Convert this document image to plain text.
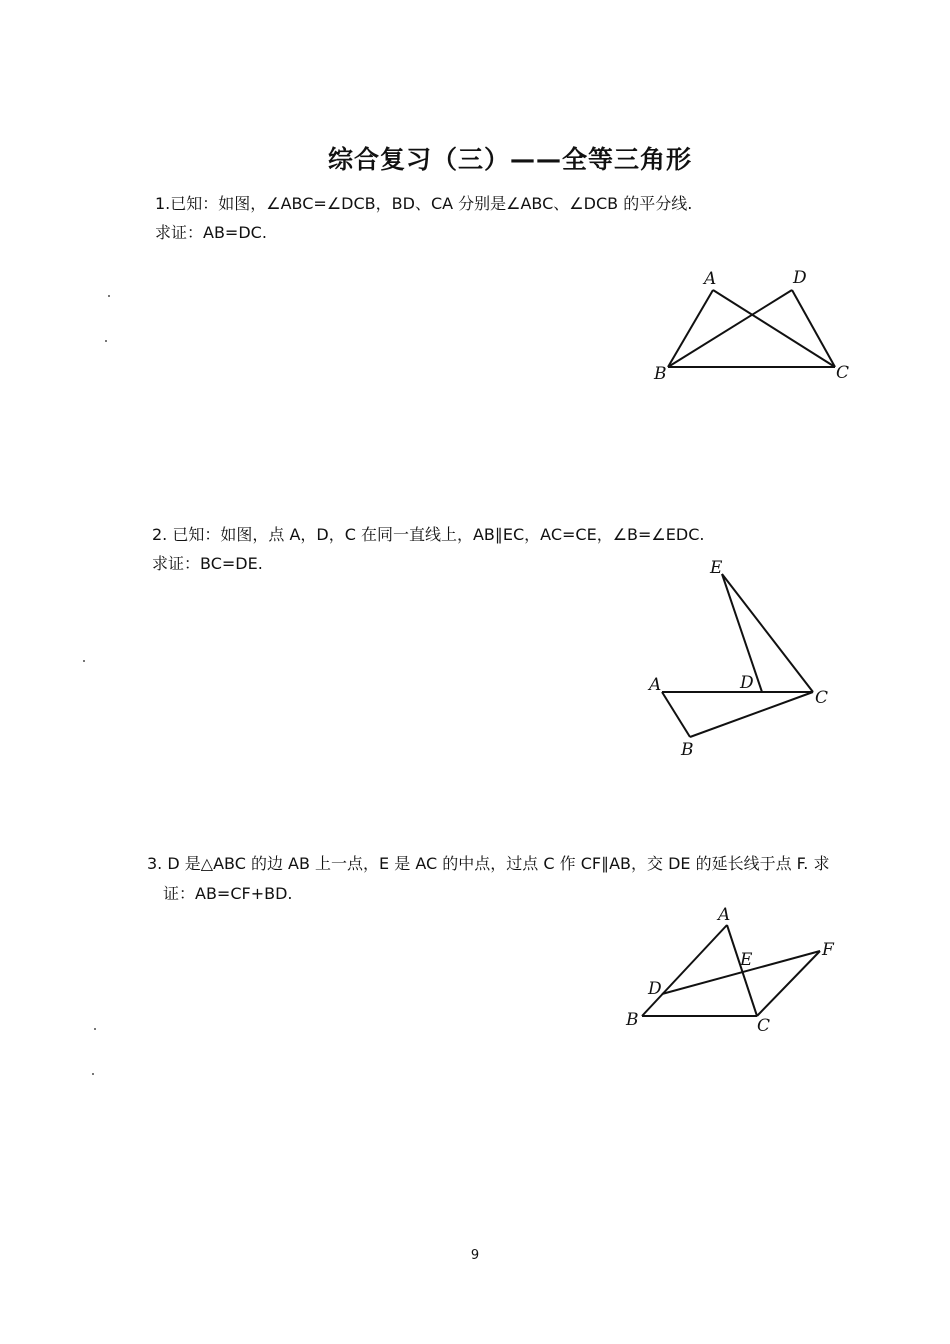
综合复习（三）——全等三角形
1.已知：如图，∠ABC=∠DCB，BD、CA 分别是∠ABC、∠DCB 的平分线.
求证：AB=DC.
A	D
B	C
2. 已知：如图，点 A，D，C 在同一直线上，AB∥EC，AC=CE，∠B=∠EDC.
求证：BC=DE.	E
A	D
C
B
3. D 是△ABC 的边 AB 上一点，E 是 AC 的中点，过点 C 作 CF∥AB，交 DE 的延长线于点 F. 求
证：AB=CF+BD.
A
E	F
D
B	C
9
